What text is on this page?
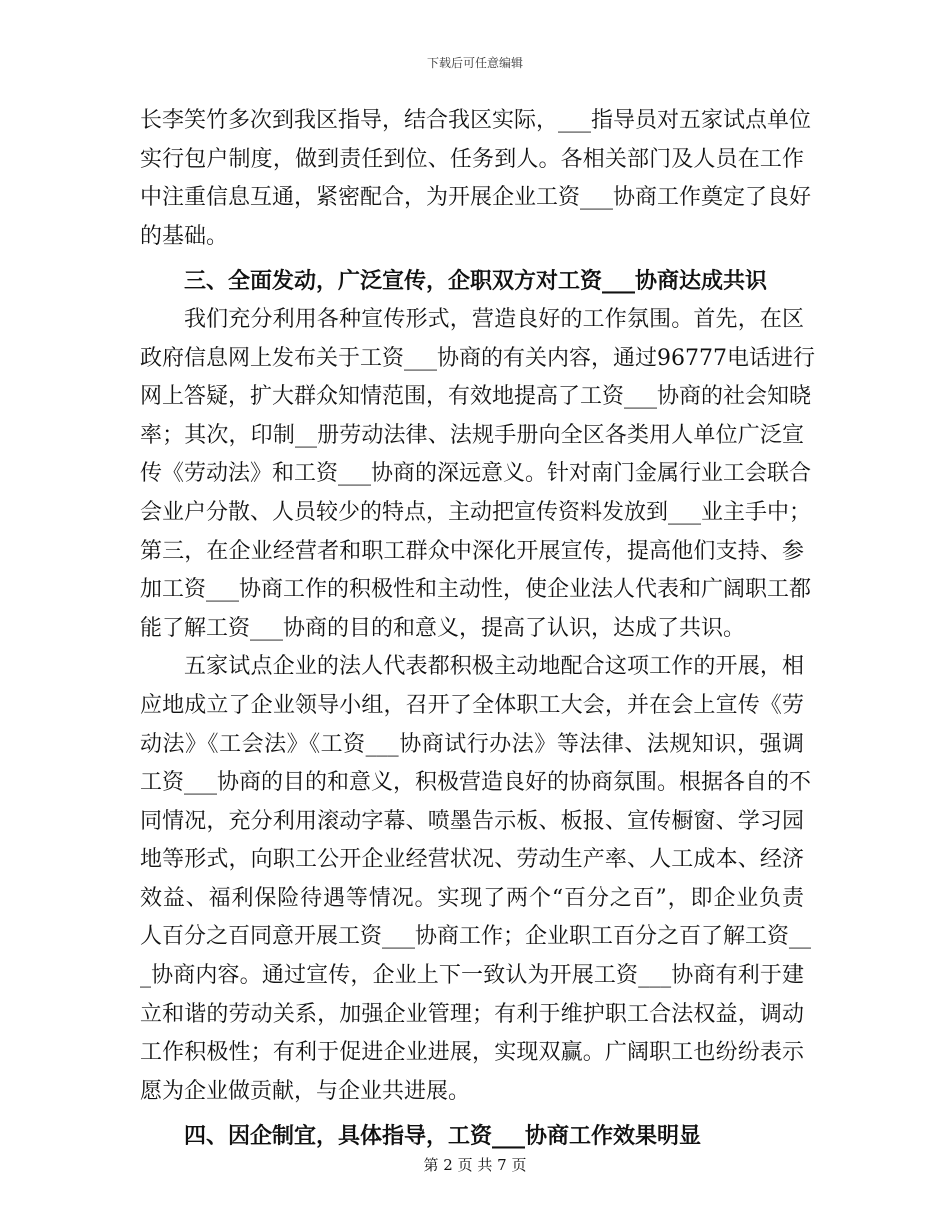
下载后可任意编辑
长李笑竹多次到我区指导，结合我区实际，___指导员对五家试点单位
实行包户制度，做到责任到位、任务到人。各相关部门及人员在工作
中注重信息互通，紧密配合，为开展企业工资___协商工作奠定了良好
的基础。
三、全面发动，广泛宣传，企职双方对工资___协商达成共识
我们充分利用各种宣传形式，营造良好的工作氛围。首先，在区
政府信息网上发布关于工资___协商的有关内容，通过96777电话进行
网上答疑，扩大群众知情范围，有效地提高了工资___协商的社会知晓
率；其次，印制__册劳动法律、法规手册向全区各类用人单位广泛宣
传《劳动法》和工资___协商的深远意义。针对南门金属行业工会联合
会业户分散、人员较少的特点，主动把宣传资料发放到___业主手中；
第三，在企业经营者和职工群众中深化开展宣传，提高他们支持、参
加工资___协商工作的积极性和主动性，使企业法人代表和广阔职工都
能了解工资___协商的目的和意义，提高了认识，达成了共识。
五家试点企业的法人代表都积极主动地配合这项工作的开展，相
应地成立了企业领导小组，召开了全体职工大会，并在会上宣传《劳
动法》《工会法》《工资___协商试行办法》等法律、法规知识，强调
工资___协商的目的和意义，积极营造良好的协商氛围。根据各自的不
同情况，充分利用滚动字幕、喷墨告示板、板报、宣传橱窗、学习园
地等形式，向职工公开企业经营状况、劳动生产率、人工成本、经济
效益、福利保险待遇等情况。实现了两个“百分之百”，即企业负责
人百分之百同意开展工资___协商工作；企业职工百分之百了解工资__
_协商内容。通过宣传，企业上下一致认为开展工资___协商有利于建
立和谐的劳动关系，加强企业管理；有利于维护职工合法权益，调动
工作积极性；有利于促进企业进展，实现双赢。广阔职工也纷纷表示
愿为企业做贡献，与企业共进展。
四、因企制宜，具体指导，工资___协商工作效果明显
第 2 页 共 7 页
